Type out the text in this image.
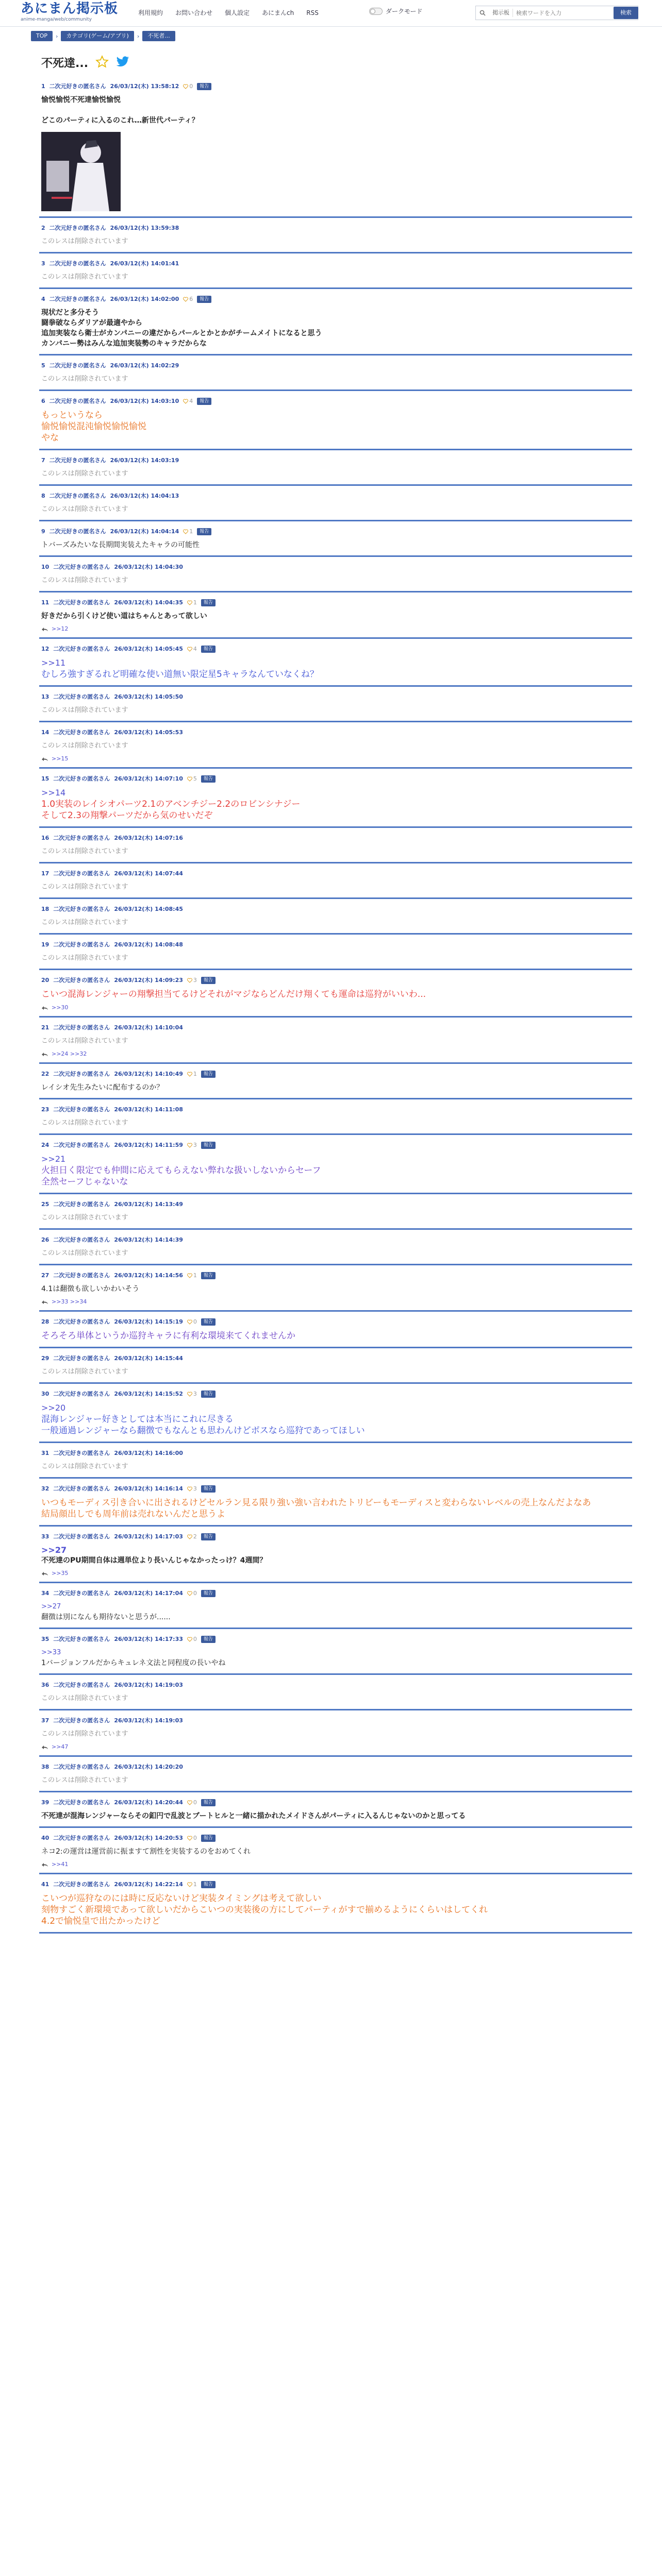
あにまん掲示板
anime-manga/web/community
利用規約	お問い合わせ	個人設定	あにまんch	RSS	ダークモード	掲示板
検索ワードを入力	検索
TOP	›	カテゴリ(ゲーム/アプリ)	›	不死者...
不死達...
1 二次元好きの匿名さん 26/03/12(木) 13:58:12 0	報告
愉悦愉悦不死達愉悦愉悦

どこのパーティに入るのこれ…新世代パーティ？
2 二次元好きの匿名さん 26/03/12(木) 13:59:38
このレスは削除されています
3 二次元好きの匿名さん 26/03/12(木) 14:01:41
このレスは削除されています
4 二次元好きの匿名さん 26/03/12(木) 14:02:00 6	報告
現状だと多分そう
闘拳破ならダリアが最適やから
追加実装なら衛士がカンパニーの違だからパールとかとかがチームメイトになると思う
カンパニー勢はみんな追加実装勢のキャラだからな
5 二次元好きの匿名さん 26/03/12(木) 14:02:29
このレスは削除されています
6 二次元好きの匿名さん 26/03/12(木) 14:03:10 4	報告
もっというなら
愉悦愉悦混沌愉悦愉悦愉悦
やな
7 二次元好きの匿名さん 26/03/12(木) 14:03:19
このレスは削除されています
8 二次元好きの匿名さん 26/03/12(木) 14:04:13
このレスは削除されています
9 二次元好きの匿名さん 26/03/12(木) 14:04:14 1	報告
トバーズみたいな長期間実装えたキャラの可能性
10 二次元好きの匿名さん 26/03/12(木) 14:04:30
このレスは削除されています
11 二次元好きの匿名さん 26/03/12(木) 14:04:35 1	報告
好きだから引くけど使い道はちゃんとあって欲しい
>>12
12 二次元好きの匿名さん 26/03/12(木) 14:05:45 4	報告
>>11
むしろ強すぎるれど明確な使い道無い限定星5キャラなんていなくね？
13 二次元好きの匿名さん 26/03/12(木) 14:05:50
このレスは削除されています
14 二次元好きの匿名さん 26/03/12(木) 14:05:53
このレスは削除されています
>>15
15 二次元好きの匿名さん 26/03/12(木) 14:07:10 5	報告
>>14
1.0実装のレイシオパーツ2.1のアベンチジー2.2のロビンシナジー
そして2.3の翔撃パーツだから気のせいだぞ
16 二次元好きの匿名さん 26/03/12(木) 14:07:16
このレスは削除されています
17 二次元好きの匿名さん 26/03/12(木) 14:07:44
このレスは削除されています
18 二次元好きの匿名さん 26/03/12(木) 14:08:45
このレスは削除されています
19 二次元好きの匿名さん 26/03/12(木) 14:08:48
このレスは削除されています
20 二次元好きの匿名さん 26/03/12(木) 14:09:23 3	報告
こいつ混海レンジャーの翔撃担当てるけどそれがマジならどんだけ翔くても運命は巡狩がいいわ...
>>30
21 二次元好きの匿名さん 26/03/12(木) 14:10:04
このレスは削除されています
>>24 >>32
22 二次元好きの匿名さん 26/03/12(木) 14:10:49 1	報告
レイシオ先生みたいに配布するのか？
23 二次元好きの匿名さん 26/03/12(木) 14:11:08
このレスは削除されています
24 二次元好きの匿名さん 26/03/12(木) 14:11:59 3	報告
>>21
火担日く限定でも仲間に応えてもらえない弊れな扱いしないからセーフ
全然セーフじゃないな
25 二次元好きの匿名さん 26/03/12(木) 14:13:49
このレスは削除されています
26 二次元好きの匿名さん 26/03/12(木) 14:14:39
このレスは削除されています
27 二次元好きの匿名さん 26/03/12(木) 14:14:56 1	報告
4.1は翻徴も欲しいかわいそう
>>33 >>34
28 二次元好きの匿名さん 26/03/12(木) 14:15:19 0	報告
そろそろ単体というか巡狩キャラに有利な環境来てくれませんか
29 二次元好きの匿名さん 26/03/12(木) 14:15:44
このレスは削除されています
30 二次元好きの匿名さん 26/03/12(木) 14:15:52 3	報告
>>20
混海レンジャー好きとしては本当にこれに尽きる
一般通過レンジャーなら翻徴でもなんとも思わんけどボスなら巡狩であってほしい
31 二次元好きの匿名さん 26/03/12(木) 14:16:00
このレスは削除されています
32 二次元好きの匿名さん 26/03/12(木) 14:16:14 3	報告
いつもモーディス引き合いに出されるけどセルラン見る限り強い強い言われたトリビーもモーディスと変わらないレベルの売上なんだよなあ
結局顔出しでも周年前は売れないんだと思うよ
33 二次元好きの匿名さん 26/03/12(木) 14:17:03 2	報告
>>27
不死達のPU期間自体は週単位より長いんじゃなかったっけ？4週間？
>>35
34 二次元好きの匿名さん 26/03/12(木) 14:17:04 0	報告
>>27
翻徴は別になんも期待ないと思うが......
35 二次元好きの匿名さん 26/03/12(木) 14:17:33 0	報告
>>33
1バージョンフルだからキュレネ文法と同程度の長いやね
36 二次元好きの匿名さん 26/03/12(木) 14:19:03
このレスは削除されています
37 二次元好きの匿名さん 26/03/12(木) 14:19:03
このレスは削除されています
>>47
38 二次元好きの匿名さん 26/03/12(木) 14:20:20
このレスは削除されています
39 二次元好きの匿名さん 26/03/12(木) 14:20:44 0	報告
不死達が混海レンジャーならその釦円で乱波とブートヒルと一緒に描かれたメイドさんがパーティに入るんじゃないのかと思ってる
40 二次元好きの匿名さん 26/03/12(木) 14:20:53 0	報告
ネコ2:の運営は運営前に振ますて割性を実装するのをおめてくれ
>>41
41 二次元好きの匿名さん 26/03/12(木) 14:22:14 1	報告
こいつが巡狩なのには時に反応ないけど実装タイミングは考えて欲しい
刻物すごく新環境であって欲しいだからこいつの実装後の方にしてパーティがすで揃めるようにくらいはしてくれ
4.2で愉悦皇で出たかったけど
